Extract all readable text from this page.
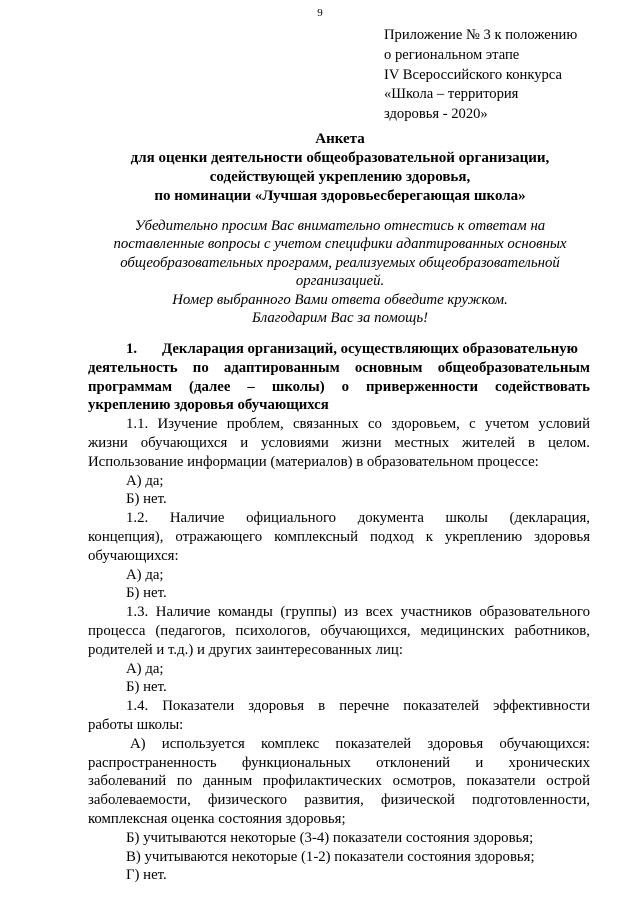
9
Приложение № 3 к положению
о региональном этапе
IV Всероссийского конкурса
«Школа – территория
здоровья - 2020»
Анкета
для оценки деятельности общеобразовательной организации,
содействующей укреплению здоровья,
по номинации «Лучшая здоровьесберегающая школа»
Убедительно просим Вас внимательно отнестись к ответам на
поставленные вопросы с учетом специфики адаптированных основных
общеобразовательных программ, реализуемых общеобразовательной
организацией.
Номер выбранного Вами ответа обведите кружком.
Благодарим Вас за помощь!
1. Декларация организаций, осуществляющих образовательную
деятельность по адаптированным основным общеобразовательным
программам (далее – школы) о приверженности содействовать
укреплению здоровья обучающихся
1.1. Изучение проблем, связанных со здоровьем, с учетом условий
жизни обучающихся и условиями жизни местных жителей в целом.
Использование информации (материалов) в образовательном процессе:
А) да;
Б) нет.
1.2. Наличие официального документа школы (декларация,
концепция), отражающего комплексный подход к укреплению здоровья
обучающихся:
А) да;
Б) нет.
1.3. Наличие команды (группы) из всех участников образовательного
процесса (педагогов, психологов, обучающихся, медицинских работников,
родителей и т.д.) и других заинтересованных лиц:
А) да;
Б) нет.
1.4. Показатели здоровья в перечне показателей эффективности
работы школы:
А) используется комплекс показателей здоровья обучающихся:
распространенность функциональных отклонений и хронических
заболеваний по данным профилактических осмотров, показатели острой
заболеваемости, физического развития, физической подготовленности,
комплексная оценка состояния здоровья;
Б) учитываются некоторые (3-4) показатели состояния здоровья;
В) учитываются некоторые (1-2) показатели состояния здоровья;
Г) нет.
